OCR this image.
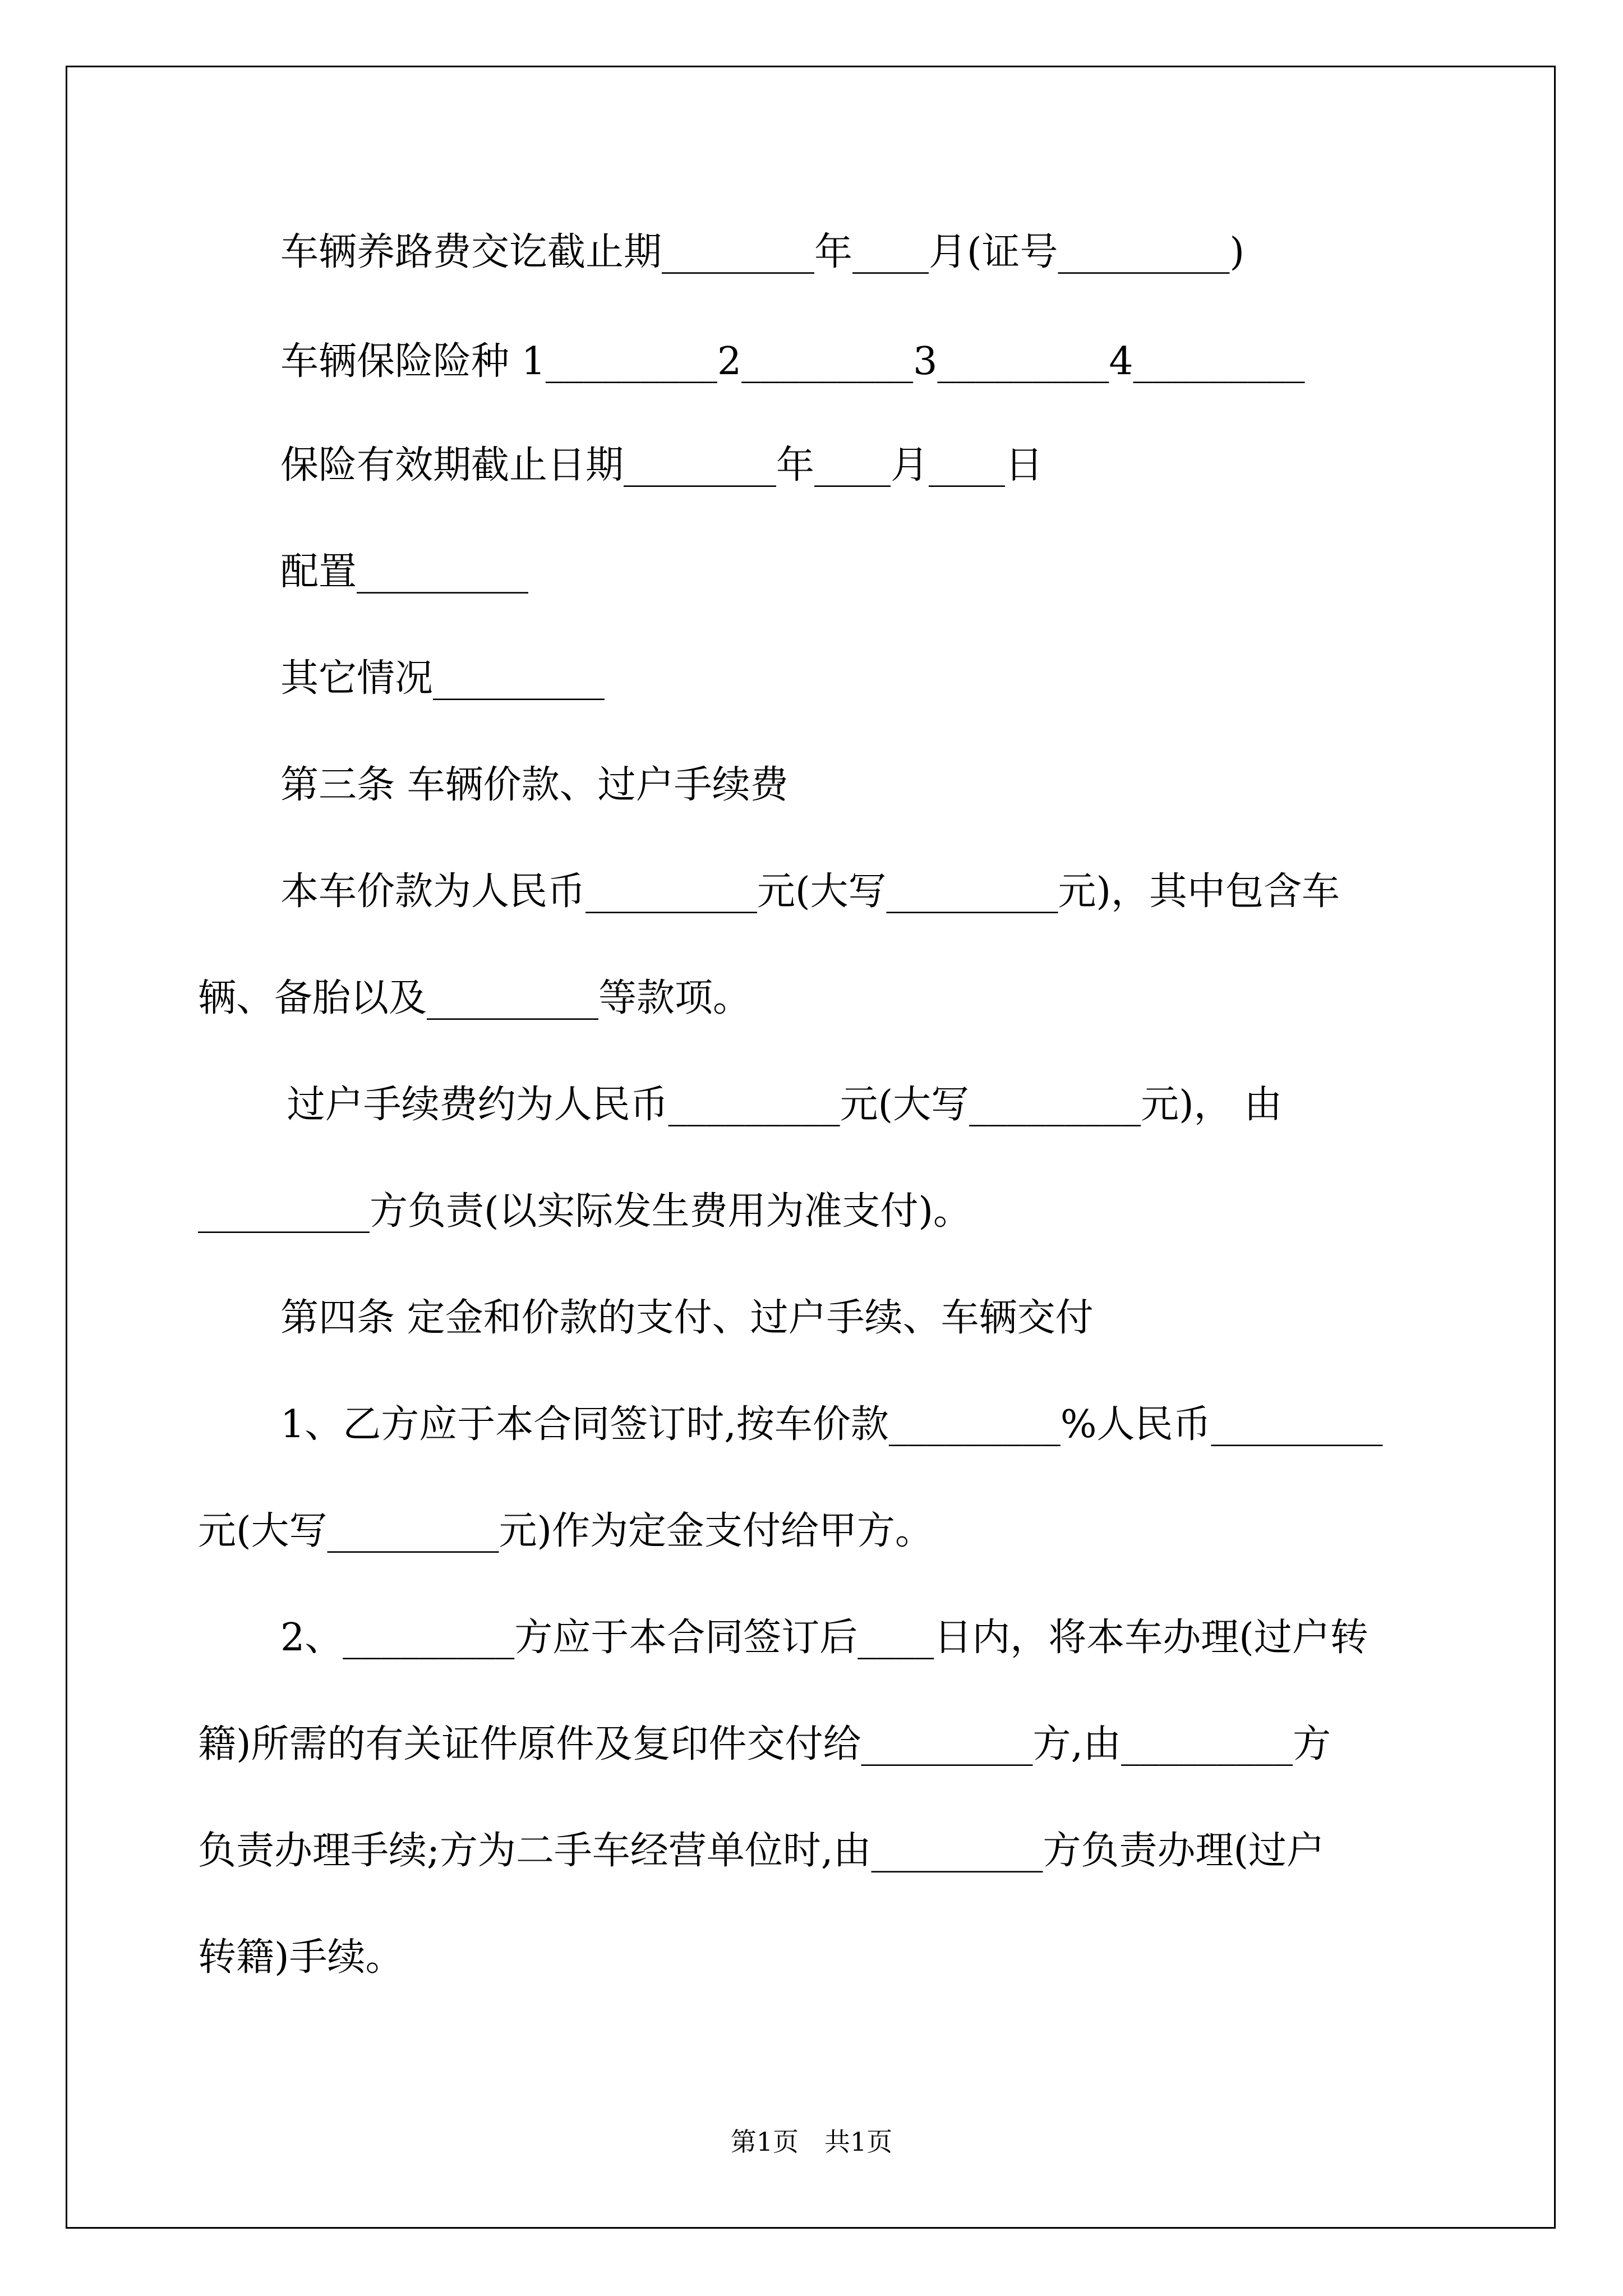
车辆养路费交讫截止期________年____月(证号_________)
车辆保险险种 1_________2_________3_________4_________
保险有效期截止日期________年____月____日
配置_________
其它情况_________
第三条 车辆价款、过户手续费
本车价款为人民币_________元(大写_________元)，其中包含车
辆、备胎以及_________等款项。
过户手续费约为人民币_________元(大写_________元)， 由
_________方负责(以实际发生费用为准支付)。
第四条 定金和价款的支付、过户手续、车辆交付
1、乙方应于本合同签订时,按车价款_________%人民币_________
元(大写_________元)作为定金支付给甲方。
2、_________方应于本合同签订后____日内，将本车办理(过户转
籍)所需的有关证件原件及复印件交付给_________方,由_________方
负责办理手续;方为二手车经营单位时,由_________方负责办理(过户
转籍)手续。
第1页　共1页
